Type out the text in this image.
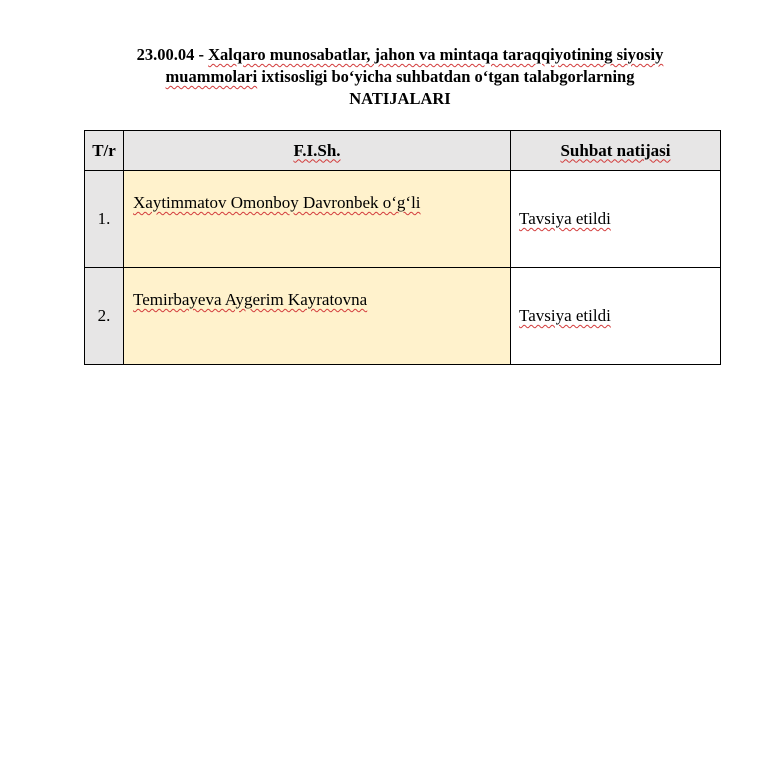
23.00.04 - Xalqaro munosabatlar, jahon va mintaqa taraqqiyotining siyosiy
muammolari ixtisosligi bo‘yicha suhbatdan o‘tgan talabgorlarning
NATIJALARI
T/r	F.I.Sh.	Suhbat natijasi
1.	Xaytimmatov Omonboy Davronbek o‘g‘li	Tavsiya etildi
2.	Temirbayeva Aygerim Kayratovna	Tavsiya etildi
